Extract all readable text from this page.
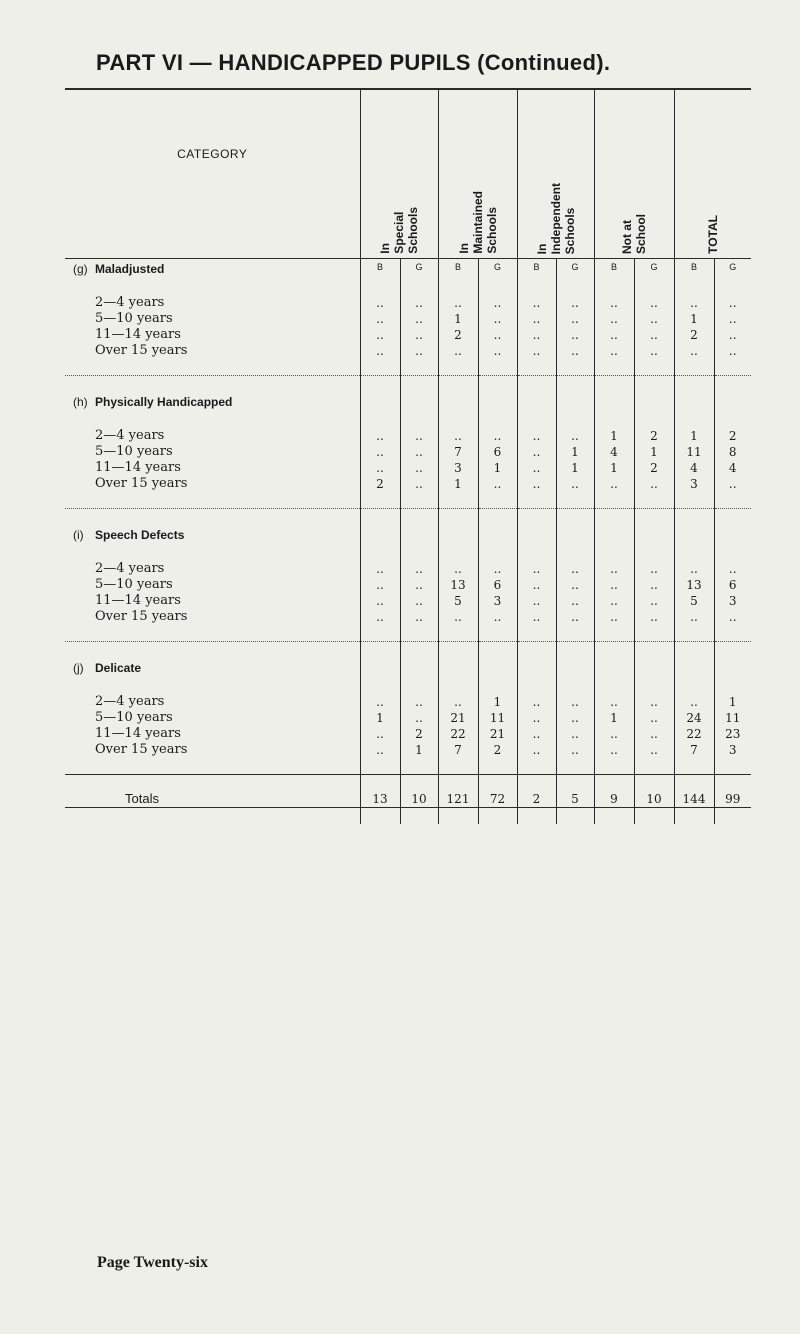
PART VI — HANDICAPPED PUPILS (Continued).
CATEGORY	In
Special
Schools		In
Maintained
Schools		In
Independent
Schools		Not at
School		TOTAL	
(g) Maladjusted	B	G	B	G	B	G	B	G	B	G

2—4 years	..	..	..	..	..	..	..	..	..	..
5—10 years	..	..	1	..	..	..	..	..	1	..
11—14 years	..	..	2	..	..	..	..	..	2	..
Over 15 years	..	..	..	..	..	..	..	..	..	..

(h) Physically Handicapped										

2—4 years	..	..	..	..	..	..	1	2	1	2
5—10 years	..	..	7	6	..	1	4	1	11	8
11—14 years	..	..	3	1	..	1	1	2	4	4
Over 15 years	2	..	1	..	..	..	..	..	3	..

(i) Speech Defects										

2—4 years	..	..	..	..	..	..	..	..	..	..
5—10 years	..	..	13	6	..	..	..	..	13	6
11—14 years	..	..	5	3	..	..	..	..	5	3
Over 15 years	..	..	..	..	..	..	..	..	..	..

(j) Delicate										

2—4 years	..	..	..	1	..	..	..	..	..	1
5—10 years	1	..	21	11	..	..	1	..	24	11
11—14 years	..	2	22	21	..	..	..	..	22	23
Over 15 years	..	1	7	2	..	..	..	..	7	3

Totals	13	10	121	72	2	5	9	10	144	99

Page Twenty-six
